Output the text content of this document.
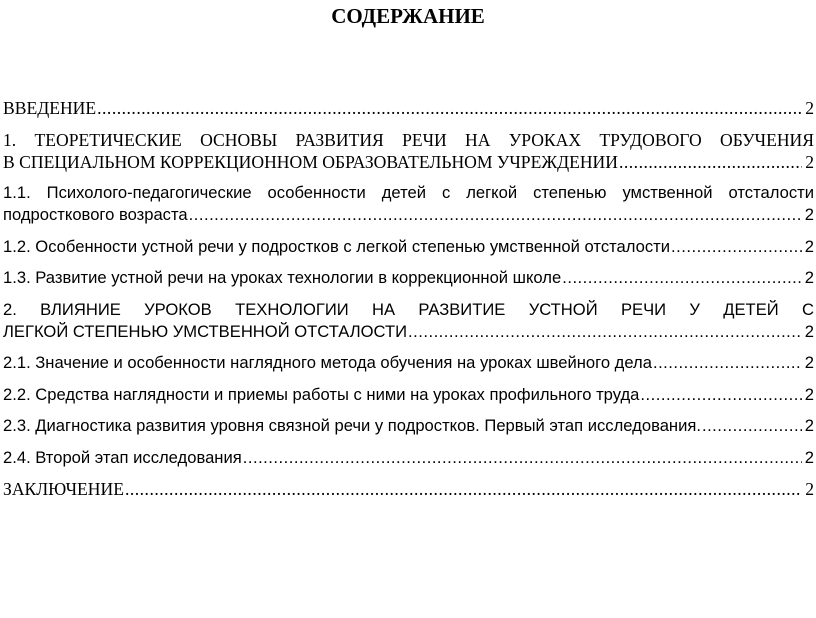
СОДЕРЖАНИЕ
ВВЕДЕНИЕ .....	2
1. ТЕОРЕТИЧЕСКИЕ ОСНОВЫ РАЗВИТИЯ РЕЧИ НА УРОКАХ ТРУДОВОГО ОБУЧЕНИЯ
В СПЕЦИАЛЬНОМ КОРРЕКЦИОННОМ ОБРАЗОВАТЕЛЬНОМ УЧРЕЖДЕНИИ .....	2
1.1. Психолого-педагогические особенности детей с легкой степенью умственной отсталости
подросткового возраста .....	2
1.2. Особенности устной речи у подростков с легкой степенью умственной отсталости .....	2
1.3. Развитие устной речи на уроках технологии в коррекционной школе .....	2
2. ВЛИЯНИЕ УРОКОВ ТЕХНОЛОГИИ НА РАЗВИТИЕ УСТНОЙ РЕЧИ У ДЕТЕЙ С
ЛЕГКОЙ СТЕПЕНЬЮ УМСТВЕННОЙ ОТСТАЛОСТИ .....	2
2.1. Значение и особенности наглядного метода обучения на уроках швейного дела .....	2
2.2. Средства наглядности и приемы работы с ними на уроках профильного труда .....	2
2.3. Диагностика развития уровня связной речи у подростков. Первый этап исследования. .....	2
2.4. Второй этап исследования .....	2
ЗАКЛЮЧЕНИЕ .....	2
